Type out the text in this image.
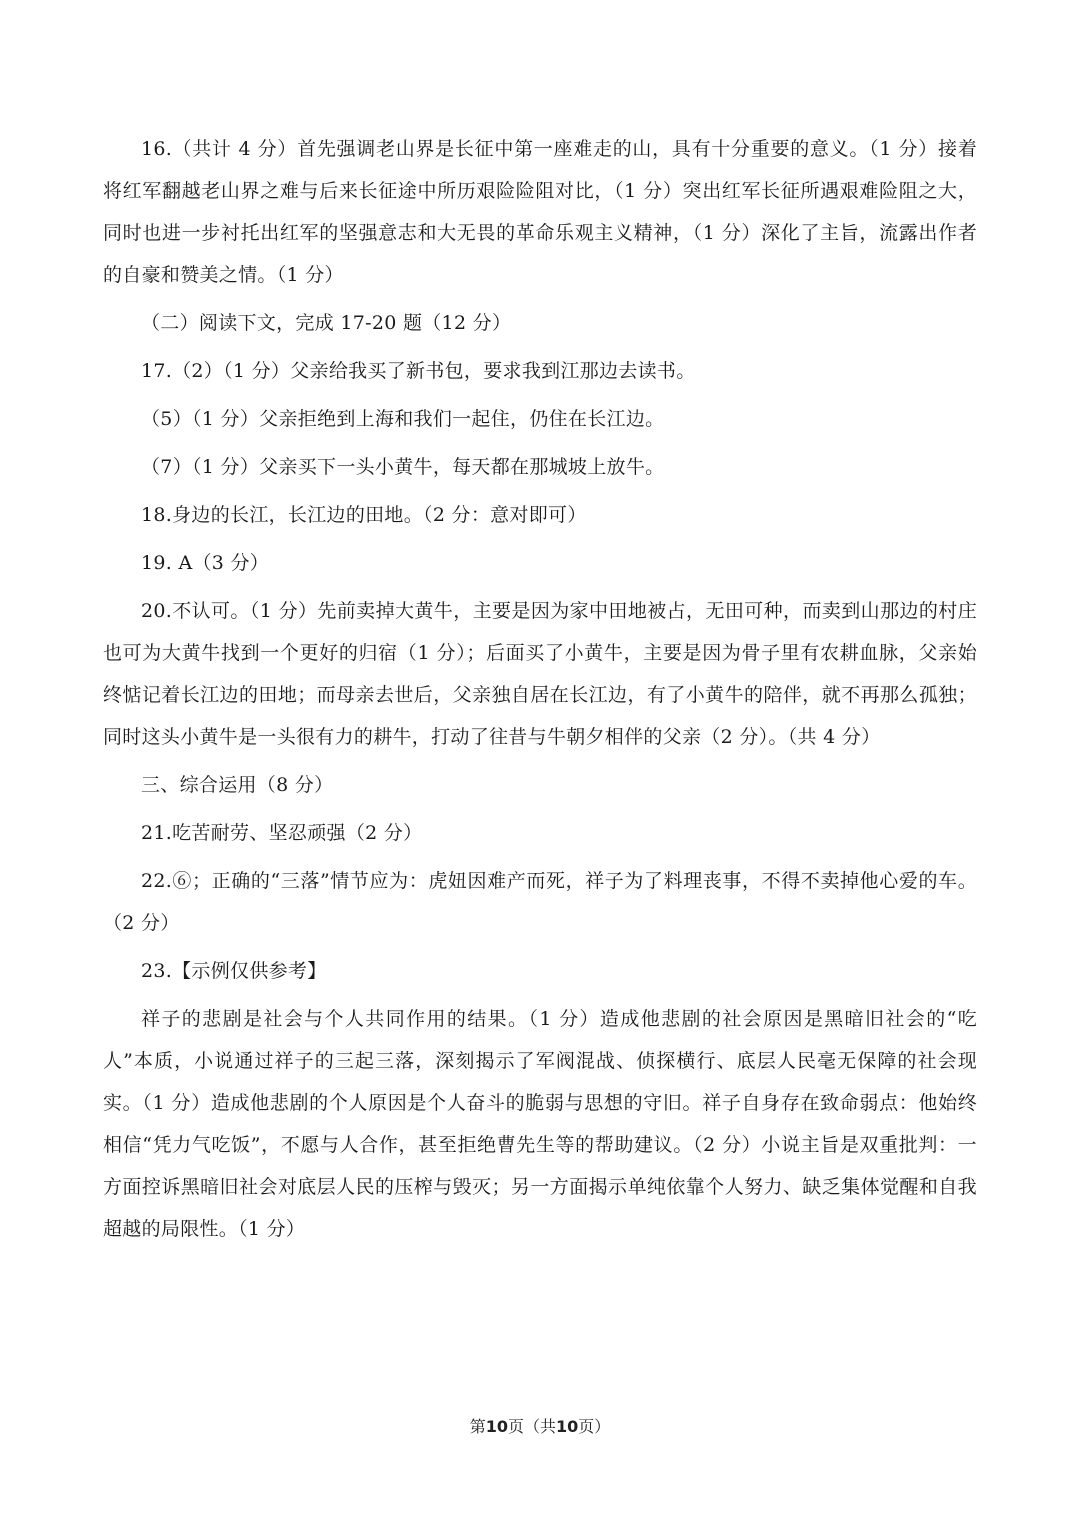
16.（共计 4 分）首先强调老山界是长征中第一座难走的山，具有十分重要的意义。（1 分）接着将红军翻越老山界之难与后来长征途中所历艰险险阻对比，（1 分）突出红军长征所遇艰难险阻之大，同时也进一步衬托出红军的坚强意志和大无畏的革命乐观主义精神，（1 分）深化了主旨，流露出作者的自豪和赞美之情。（1 分）

（二）阅读下文，完成 17-20 题（12 分）

17.（2）（1 分）父亲给我买了新书包，要求我到江那边去读书。

（5）（1 分）父亲拒绝到上海和我们一起住，仍住在长江边。

（7）（1 分）父亲买下一头小黄牛，每天都在那城坡上放牛。

18.身边的长江，长江边的田地。（2 分：意对即可）

19. A（3 分）

20.不认可。（1 分）先前卖掉大黄牛，主要是因为家中田地被占，无田可种，而卖到山那边的村庄也可为大黄牛找到一个更好的归宿（1 分）；后面买了小黄牛，主要是因为骨子里有农耕血脉，父亲始终惦记着长江边的田地；而母亲去世后，父亲独自居在长江边，有了小黄牛的陪伴，就不再那么孤独；同时这头小黄牛是一头很有力的耕牛，打动了往昔与牛朝夕相伴的父亲（2 分）。（共 4 分）

三、综合运用（8 分）

21.吃苦耐劳、坚忍顽强（2 分）

22.⑥；正确的“三落”情节应为：虎妞因难产而死，祥子为了料理丧事，不得不卖掉他心爱的车。（2 分）

23.【示例仅供参考】

祥子的悲剧是社会与个人共同作用的结果。（1 分）造成他悲剧的社会原因是黑暗旧社会的“吃人”本质，小说通过祥子的三起三落，深刻揭示了军阀混战、侦探横行、底层人民毫无保障的社会现实。（1 分）造成他悲剧的个人原因是个人奋斗的脆弱与思想的守旧。祥子自身存在致命弱点：他始终相信“凭力气吃饭”，不愿与人合作，甚至拒绝曹先生等的帮助建议。（2 分）小说主旨是双重批判：一方面控诉黑暗旧社会对底层人民的压榨与毁灭；另一方面揭示单纯依靠个人努力、缺乏集体觉醒和自我超越的局限性。（1 分）

第10页（共10页）
